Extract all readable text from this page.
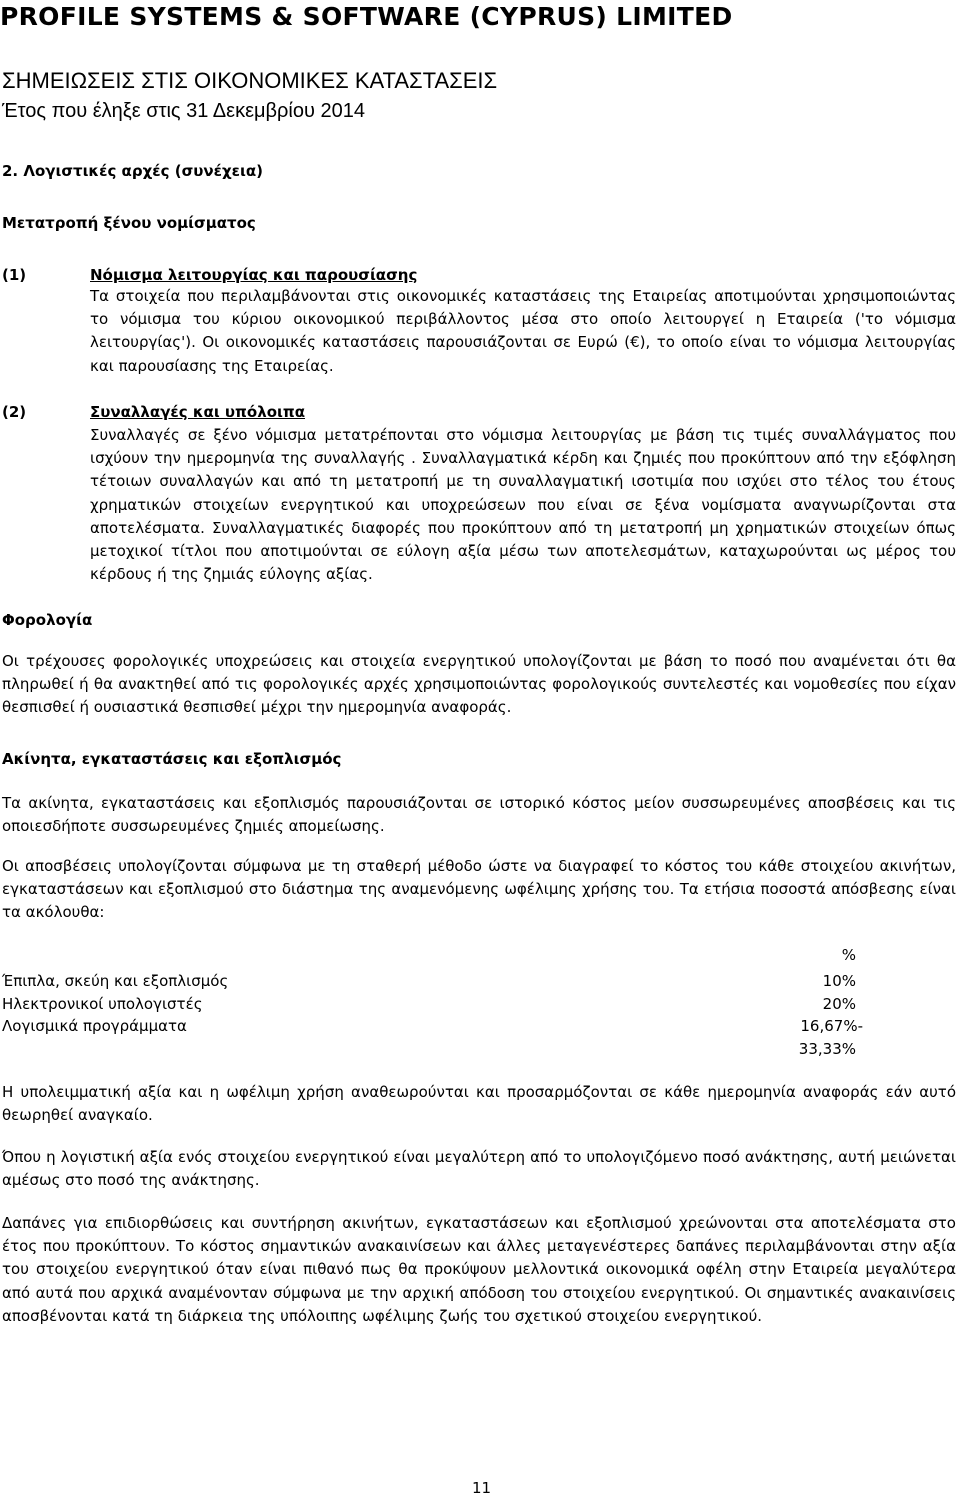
PROFILE SYSTEMS & SOFTWARE (CYPRUS) LIMITED
ΣΗΜΕΙΩΣΕΙΣ ΣΤΙΣ ΟΙΚΟΝΟΜΙΚΕΣ ΚΑΤΑΣΤΑΣΕΙΣ
Έτος που έληξε στις 31 Δεκεμβρίου 2014
2. Λογιστικές αρχές (συνέχεια)
Μετατροπή ξένου νομίσματος
(1)	Νόμισμα λειτουργίας και παρουσίασης
Τα στοιχεία που περιλαμβάνονται στις οικονομικές καταστάσεις της Εταιρείας αποτιμούνται χρησιμοποιώντας το νόμισμα του κύριου οικονομικού περιβάλλοντος μέσα στο οποίο λειτουργεί η Εταιρεία ('το νόμισμα λειτουργίας'). Οι οικονομικές καταστάσεις παρουσιάζονται σε Ευρώ (€), το οποίο είναι το νόμισμα λειτουργίας και παρουσίασης της Εταιρείας.
(2)	Συναλλαγές και υπόλοιπα
Συναλλαγές σε ξένο νόμισμα μετατρέπονται στο νόμισμα λειτουργίας με βάση τις τιμές συναλλάγματος που ισχύουν την ημερομηνία της συναλλαγής . Συναλλαγματικά κέρδη και ζημιές που προκύπτουν από την εξόφληση τέτοιων συναλλαγών και από τη μετατροπή με τη συναλλαγματική ισοτιμία που ισχύει στο τέλος του έτους χρηματικών στοιχείων ενεργητικού και υποχρεώσεων που είναι σε ξένα νομίσματα αναγνωρίζονται στα αποτελέσματα. Συναλλαγματικές διαφορές που προκύπτουν από τη μετατροπή μη χρηματικών στοιχείων όπως μετοχικοί τίτλοι που αποτιμούνται σε εύλογη αξία μέσω των αποτελεσμάτων, καταχωρούνται ως μέρος του κέρδους ή της ζημιάς εύλογης αξίας.
Φορολογία
Οι τρέχουσες φορολογικές υποχρεώσεις και στοιχεία ενεργητικού υπολογίζονται με βάση το ποσό που αναμένεται ότι θα πληρωθεί ή θα ανακτηθεί από τις φορολογικές αρχές χρησιμοποιώντας φορολογικούς συντελεστές και νομοθεσίες που είχαν θεσπισθεί ή ουσιαστικά θεσπισθεί μέχρι την ημερομηνία αναφοράς.
Ακίνητα, εγκαταστάσεις και εξοπλισμός
Τα ακίνητα, εγκαταστάσεις και εξοπλισμός παρουσιάζονται σε ιστορικό κόστος μείον συσσωρευμένες αποσβέσεις και τις οποιεσδήποτε συσσωρευμένες ζημιές απομείωσης.
Οι αποσβέσεις υπολογίζονται σύμφωνα με τη σταθερή μέθοδο ώστε να διαγραφεί το κόστος του κάθε στοιχείου ακινήτων, εγκαταστάσεων και εξοπλισμού στο διάστημα της αναμενόμενης ωφέλιμης χρήσης του. Τα ετήσια ποσοστά απόσβεσης είναι τα ακόλουθα:
%
Έπιπλα, σκεύη και εξοπλισμός	10%
Ηλεκτρονικοί υπολογιστές	20%
Λογισμικά προγράμματα	16,67%-
33,33%
Η υπολειμματική αξία και η ωφέλιμη χρήση αναθεωρούνται και προσαρμόζονται σε κάθε ημερομηνία αναφοράς εάν αυτό θεωρηθεί αναγκαίο.
Όπου η λογιστική αξία ενός στοιχείου ενεργητικού είναι μεγαλύτερη από το υπολογιζόμενο ποσό ανάκτησης, αυτή μειώνεται αμέσως στο ποσό της ανάκτησης.
Δαπάνες για επιδιορθώσεις και συντήρηση ακινήτων, εγκαταστάσεων και εξοπλισμού χρεώνονται στα αποτελέσματα στο έτος που προκύπτουν. Το κόστος σημαντικών ανακαινίσεων και άλλες μεταγενέστερες δαπάνες περιλαμβάνονται στην αξία του στοιχείου ενεργητικού όταν είναι πιθανό πως θα προκύψουν μελλοντικά οικονομικά οφέλη στην Εταιρεία μεγαλύτερα από αυτά που αρχικά αναμένονταν σύμφωνα με την αρχική απόδοση του στοιχείου ενεργητικού. Οι σημαντικές ανακαινίσεις αποσβένονται κατά τη διάρκεια της υπόλοιπης ωφέλιμης ζωής του σχετικού στοιχείου ενεργητικού.
11
